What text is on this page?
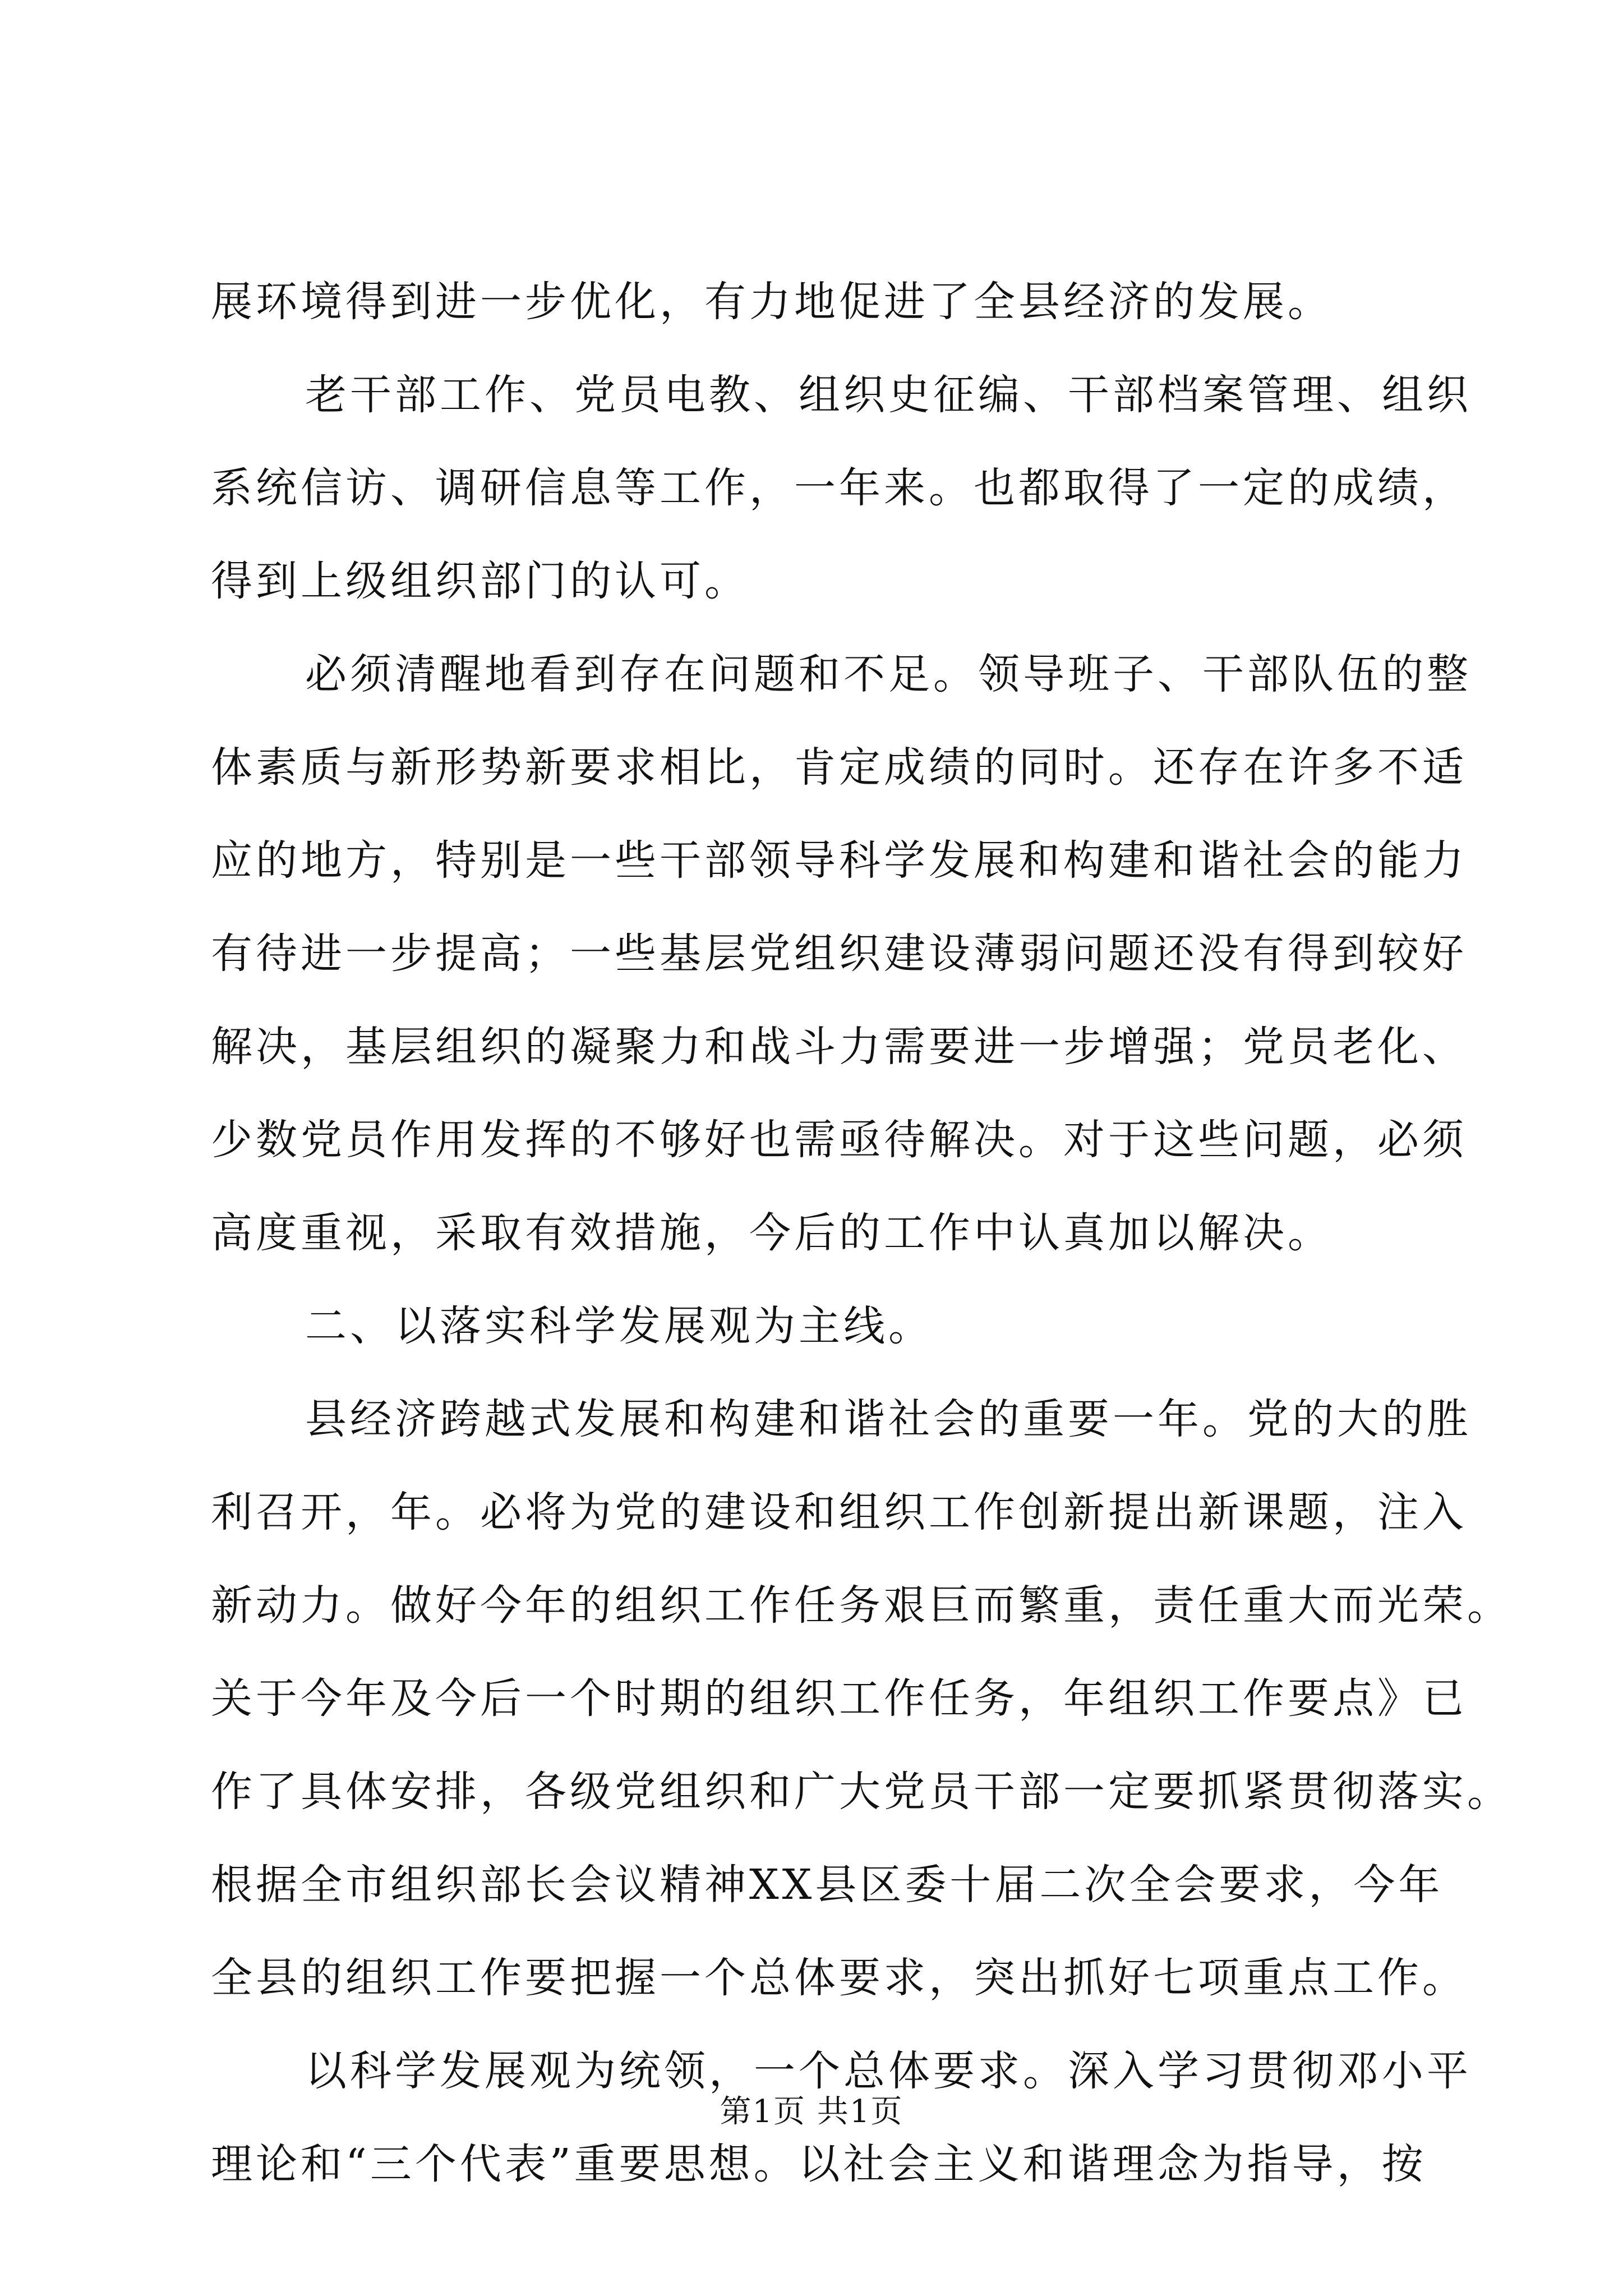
展环境得到进一步优化，有力地促进了全县经济的发展。
老干部工作、党员电教、组织史征编、干部档案管理、组织
系统信访、调研信息等工作，一年来。也都取得了一定的成绩，
得到上级组织部门的认可。
必须清醒地看到存在问题和不足。领导班子、干部队伍的整
体素质与新形势新要求相比，肯定成绩的同时。还存在许多不适
应的地方，特别是一些干部领导科学发展和构建和谐社会的能力
有待进一步提高；一些基层党组织建设薄弱问题还没有得到较好
解决，基层组织的凝聚力和战斗力需要进一步增强；党员老化、
少数党员作用发挥的不够好也需亟待解决。对于这些问题，必须
高度重视，采取有效措施，今后的工作中认真加以解决。
二、以落实科学发展观为主线。
县经济跨越式发展和构建和谐社会的重要一年。党的大的胜
利召开，年。必将为党的建设和组织工作创新提出新课题，注入
新动力。做好今年的组织工作任务艰巨而繁重，责任重大而光荣。
关于今年及今后一个时期的组织工作任务，年组织工作要点》已
作了具体安排，各级党组织和广大党员干部一定要抓紧贯彻落实。
根据全市组织部长会议精神XX县区委十届二次全会要求，今年
全县的组织工作要把握一个总体要求，突出抓好七项重点工作。
以科学发展观为统领，一个总体要求。深入学习贯彻邓小平
理论和“三个代表”重要思想。以社会主义和谐理念为指导，按
第1页 共1页
